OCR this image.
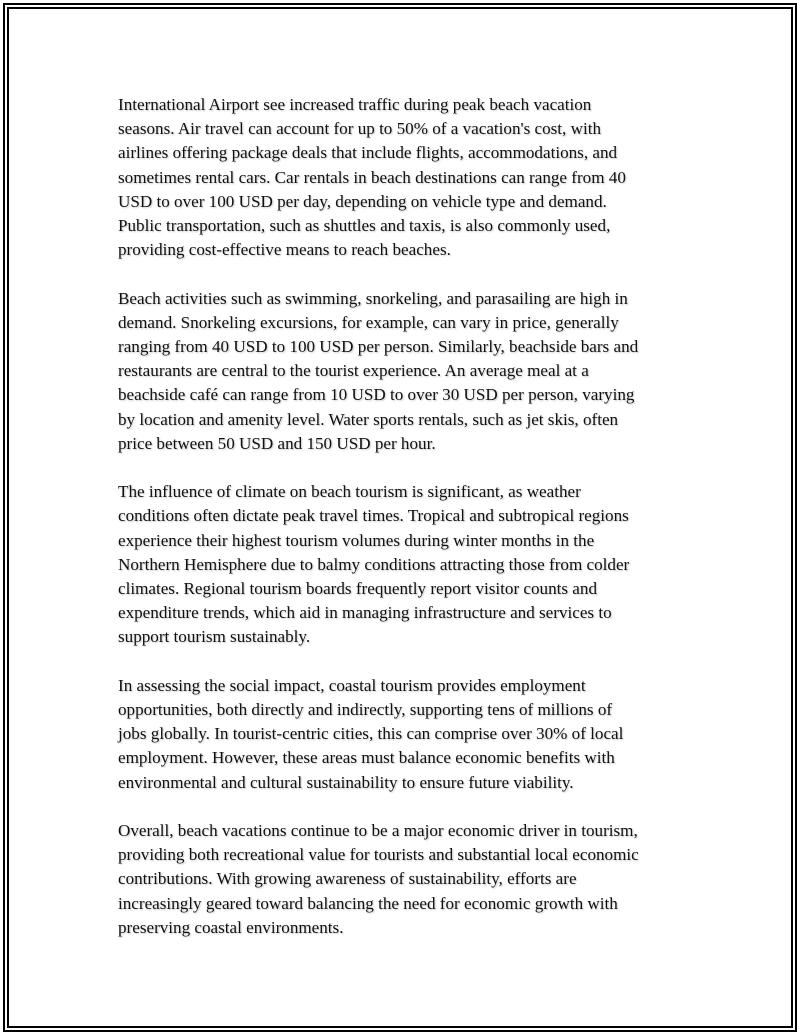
International Airport see increased traffic during peak beach vacation
seasons. Air travel can account for up to 50% of a vacation's cost, with
airlines offering package deals that include flights, accommodations, and
sometimes rental cars. Car rentals in beach destinations can range from 40
USD to over 100 USD per day, depending on vehicle type and demand.
Public transportation, such as shuttles and taxis, is also commonly used,
providing cost-effective means to reach beaches.

Beach activities such as swimming, snorkeling, and parasailing are high in
demand. Snorkeling excursions, for example, can vary in price, generally
ranging from 40 USD to 100 USD per person. Similarly, beachside bars and
restaurants are central to the tourist experience. An average meal at a
beachside café can range from 10 USD to over 30 USD per person, varying
by location and amenity level. Water sports rentals, such as jet skis, often
price between 50 USD and 150 USD per hour.

The influence of climate on beach tourism is significant, as weather
conditions often dictate peak travel times. Tropical and subtropical regions
experience their highest tourism volumes during winter months in the
Northern Hemisphere due to balmy conditions attracting those from colder
climates. Regional tourism boards frequently report visitor counts and
expenditure trends, which aid in managing infrastructure and services to
support tourism sustainably.

In assessing the social impact, coastal tourism provides employment
opportunities, both directly and indirectly, supporting tens of millions of
jobs globally. In tourist-centric cities, this can comprise over 30% of local
employment. However, these areas must balance economic benefits with
environmental and cultural sustainability to ensure future viability.

Overall, beach vacations continue to be a major economic driver in tourism,
providing both recreational value for tourists and substantial local economic
contributions. With growing awareness of sustainability, efforts are
increasingly geared toward balancing the need for economic growth with
preserving coastal environments.
